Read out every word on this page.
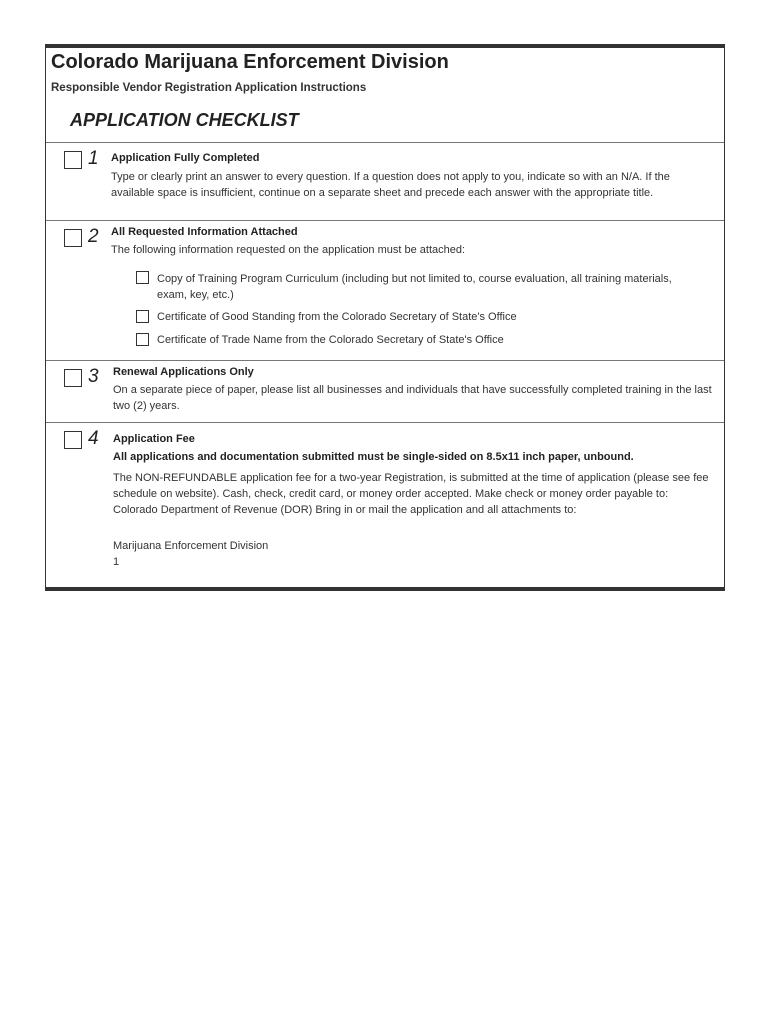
Colorado Marijuana Enforcement Division
Responsible Vendor Registration Application Instructions
APPLICATION CHECKLIST
1 Application Fully Completed
Type or clearly print an answer to every question. If a question does not apply to you, indicate so with an N/A. If the available space is insufficient, continue on a separate sheet and precede each answer with the appropriate title.
2 All Requested Information Attached
The following information requested on the application must be attached:
Copy of Training Program Curriculum (including but not limited to, course evaluation, all training materials, exam, key, etc.)
Certificate of Good Standing from the Colorado Secretary of State's Office
Certificate of Trade Name from the Colorado Secretary of State's Office
3 Renewal Applications Only
On a separate piece of paper, please list all businesses and individuals that have successfully completed training in the last two (2) years.
4 Application Fee
All applications and documentation submitted must be single-sided on 8.5x11 inch paper, unbound.
The NON-REFUNDABLE application fee for a two-year Registration, is submitted at the time of application (please see fee schedule on website). Cash, check, credit card, or money order accepted. Make check or money order payable to: Colorado Department of Revenue (DOR) Bring in or mail the application and all attachments to:
Marijuana Enforcement Division
1
